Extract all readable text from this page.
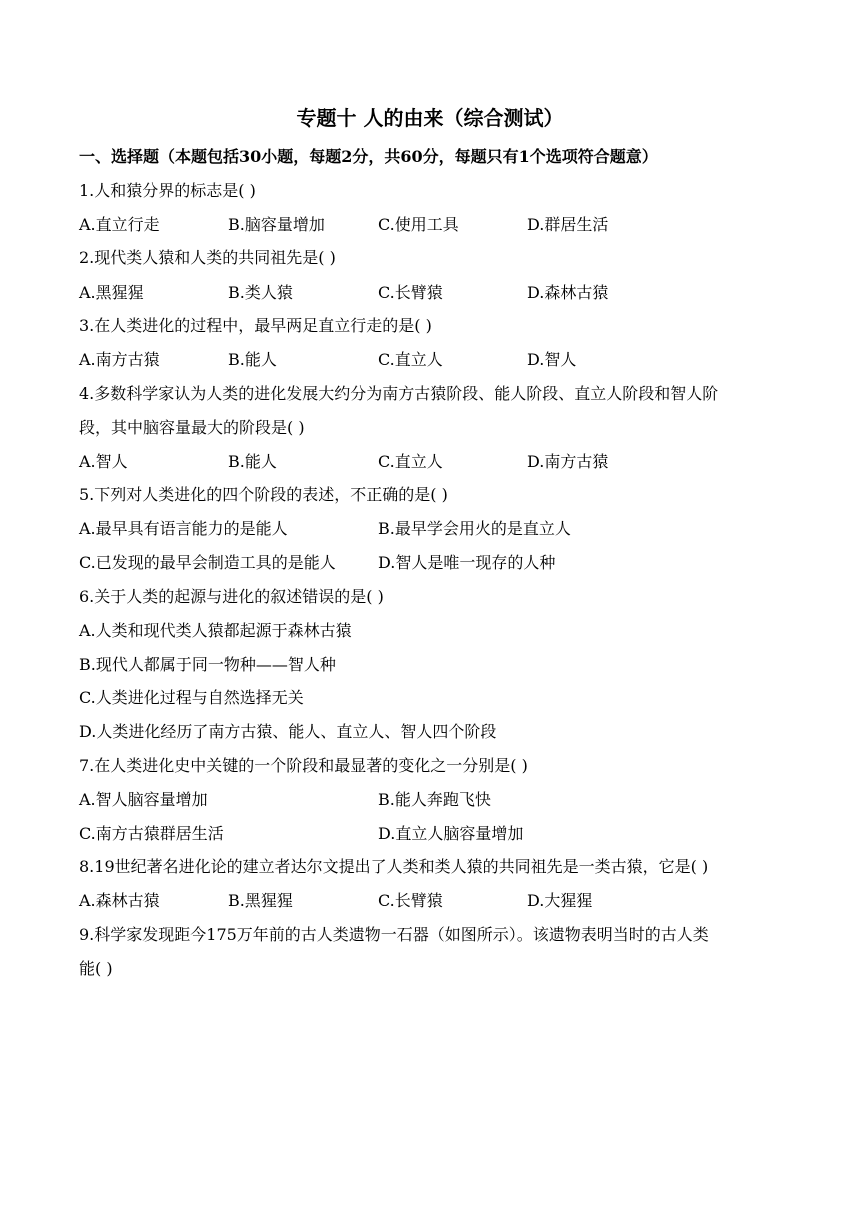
专题十 人的由来（综合测试）
一、选择题（本题包括30小题，每题2分，共60分，每题只有1个选项符合题意）
1.人和猿分界的标志是( )
A.直立行走	B.脑容量增加	C.使用工具	D.群居生活
2.现代类人猿和人类的共同祖先是( )
A.黑猩猩	B.类人猿	C.长臂猿	D.森林古猿
3.在人类进化的过程中，最早两足直立行走的是( )
A.南方古猿	B.能人	C.直立人	D.智人
4.多数科学家认为人类的进化发展大约分为南方古猿阶段、能人阶段、直立人阶段和智人阶
段，其中脑容量最大的阶段是( )
A.智人	B.能人	C.直立人	D.南方古猿
5.下列对人类进化的四个阶段的表述，不正确的是( )
A.最早具有语言能力的是能人	B.最早学会用火的是直立人
C.已发现的最早会制造工具的是能人	D.智人是唯一现存的人种
6.关于人类的起源与进化的叙述错误的是( )
A.人类和现代类人猿都起源于森林古猿
B.现代人都属于同一物种——智人种
C.人类进化过程与自然选择无关
D.人类进化经历了南方古猿、能人、直立人、智人四个阶段
7.在人类进化史中关键的一个阶段和最显著的变化之一分别是( )
A.智人脑容量增加	B.能人奔跑飞快
C.南方古猿群居生活	D.直立人脑容量增加
8.19世纪著名进化论的建立者达尔文提出了人类和类人猿的共同祖先是一类古猿，它是( )
A.森林古猿	B.黑猩猩	C.长臂猿	D.大猩猩
9.科学家发现距今175万年前的古人类遗物一石器（如图所示）。该遗物表明当时的古人类
能( )
